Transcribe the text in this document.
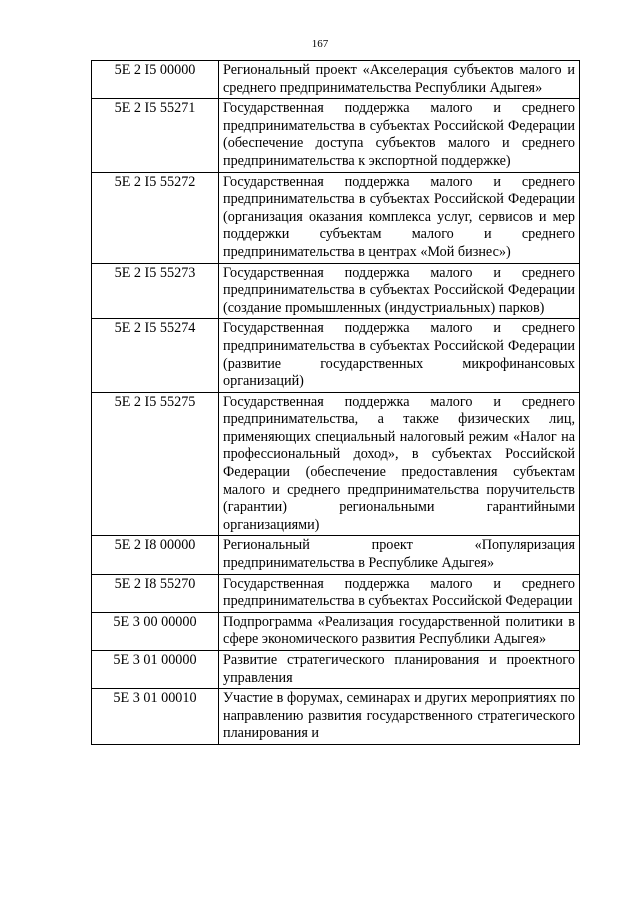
167
5E 2 I5 00000	Региональный проект «Акселерация субъектов малого и среднего предпринимательства Республики Адыгея»
5E 2 I5 55271	Государственная поддержка малого и среднего предпринимательства в субъектах Российской Федерации (обеспечение доступа субъектов малого и среднего предпринимательства к экспортной поддержке)
5E 2 I5 55272	Государственная поддержка малого и среднего предпринимательства в субъектах Российской Федерации (организация оказания комплекса услуг, сервисов и мер поддержки субъектам малого и среднего предпринимательства в центрах «Мой бизнес»)
5E 2 I5 55273	Государственная поддержка малого и среднего предпринимательства в субъектах Российской Федерации (создание промышленных (индустриальных) парков)
5E 2 I5 55274	Государственная поддержка малого и среднего предпринимательства в субъектах Российской Федерации (развитие государственных микрофинансовых организаций)
5E 2 I5 55275	Государственная поддержка малого и среднего предпринимательства, а также физических лиц, применяющих специальный налоговый режим «Налог на профессиональный доход», в субъектах Российской Федерации (обеспечение предоставления субъектам малого и среднего предпринимательства поручительств (гарантии) региональными гарантийными организациями)
5E 2 I8 00000	Региональный проект «Популяризация предпринимательства в Республике Адыгея»
5E 2 I8 55270	Государственная поддержка малого и среднего предпринимательства в субъектах Российской Федерации
5E 3 00 00000	Подпрограмма «Реализация государственной политики в сфере экономического развития Республики Адыгея»
5E 3 01 00000	Развитие стратегического планирования и проектного управления
5E 3 01 00010	Участие в форумах, семинарах и других мероприятиях по направлению развития государственного стратегического планирования и
